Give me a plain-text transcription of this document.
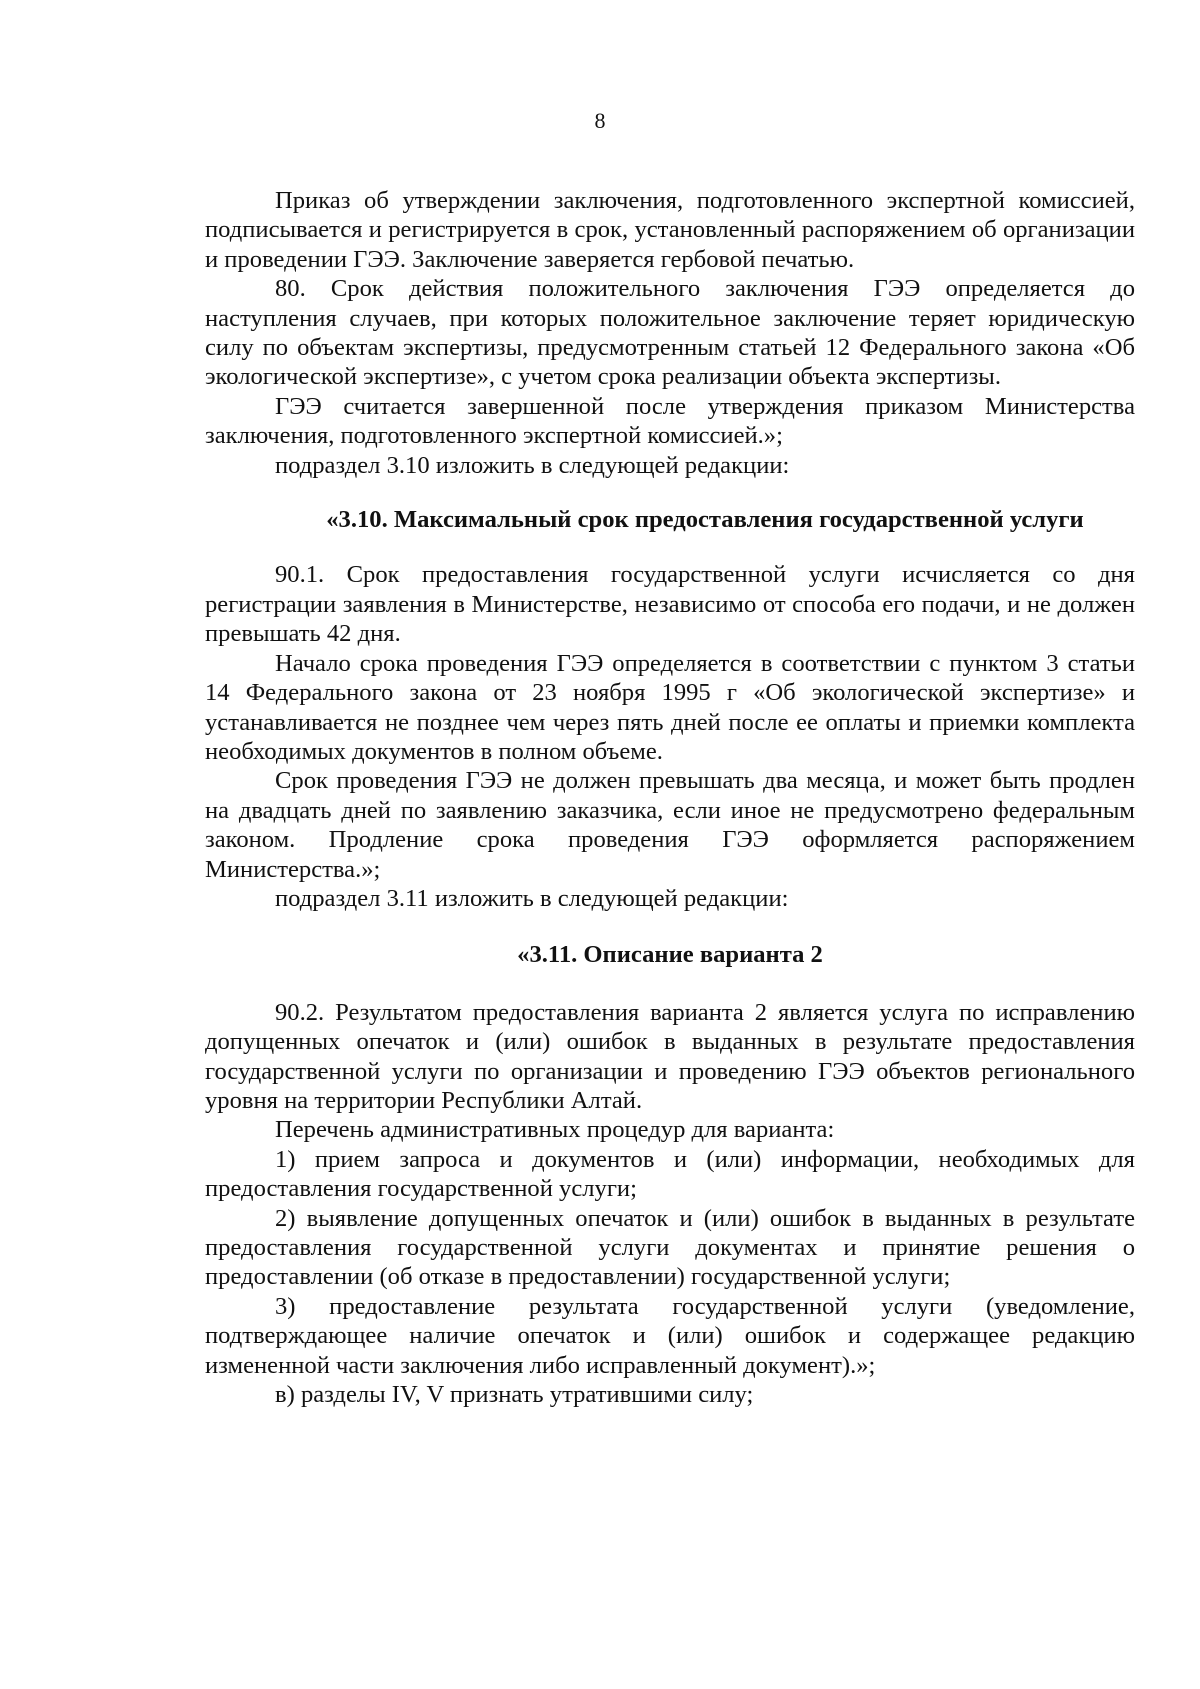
8

Приказ об утверждении заключения, подготовленного экспертной комиссией, подписывается и регистрируется в срок, установленный распоряжением об организации и проведении ГЭЭ. Заключение заверяется гербовой печатью.

80. Срок действия положительного заключения ГЭЭ определяется до наступления случаев, при которых положительное заключение теряет юридическую силу по объектам экспертизы, предусмотренным статьей 12 Федерального закона «Об экологической экспертизе», с учетом срока реализации объекта экспертизы.

ГЭЭ считается завершенной после утверждения приказом Министерства заключения, подготовленного экспертной комиссией.»;

подраздел 3.10 изложить в следующей редакции:

«3.10. Максимальный срок предоставления государственной услуги

90.1. Срок предоставления государственной услуги исчисляется со дня регистрации заявления в Министерстве, независимо от способа его подачи, и не должен превышать 42 дня.

Начало срока проведения ГЭЭ определяется в соответствии с пунктом 3 статьи 14 Федерального закона от 23 ноября 1995 г «Об экологической экспертизе» и устанавливается не позднее чем через пять дней после ее оплаты и приемки комплекта необходимых документов в полном объеме.

Срок проведения ГЭЭ не должен превышать два месяца, и может быть продлен на двадцать дней по заявлению заказчика, если иное не предусмотрено федеральным законом. Продление срока проведения ГЭЭ оформляется распоряжением Министерства.»;

подраздел 3.11 изложить в следующей редакции:

«3.11. Описание варианта 2

90.2. Результатом предоставления варианта 2 является услуга по исправлению допущенных опечаток и (или) ошибок в выданных в результате предоставления государственной услуги по организации и проведению ГЭЭ объектов регионального уровня на территории Республики Алтай.

Перечень административных процедур для варианта:

1) прием запроса и документов и (или) информации, необходимых для предоставления государственной услуги;

2) выявление допущенных опечаток и (или) ошибок в выданных в результате предоставления государственной услуги документах и принятие решения о предоставлении (об отказе в предоставлении) государственной услуги;

3) предоставление результата государственной услуги (уведомление, подтверждающее наличие опечаток и (или) ошибок и содержащее редакцию измененной части заключения либо исправленный документ).»;

в) разделы IV, V признать утратившими силу;
